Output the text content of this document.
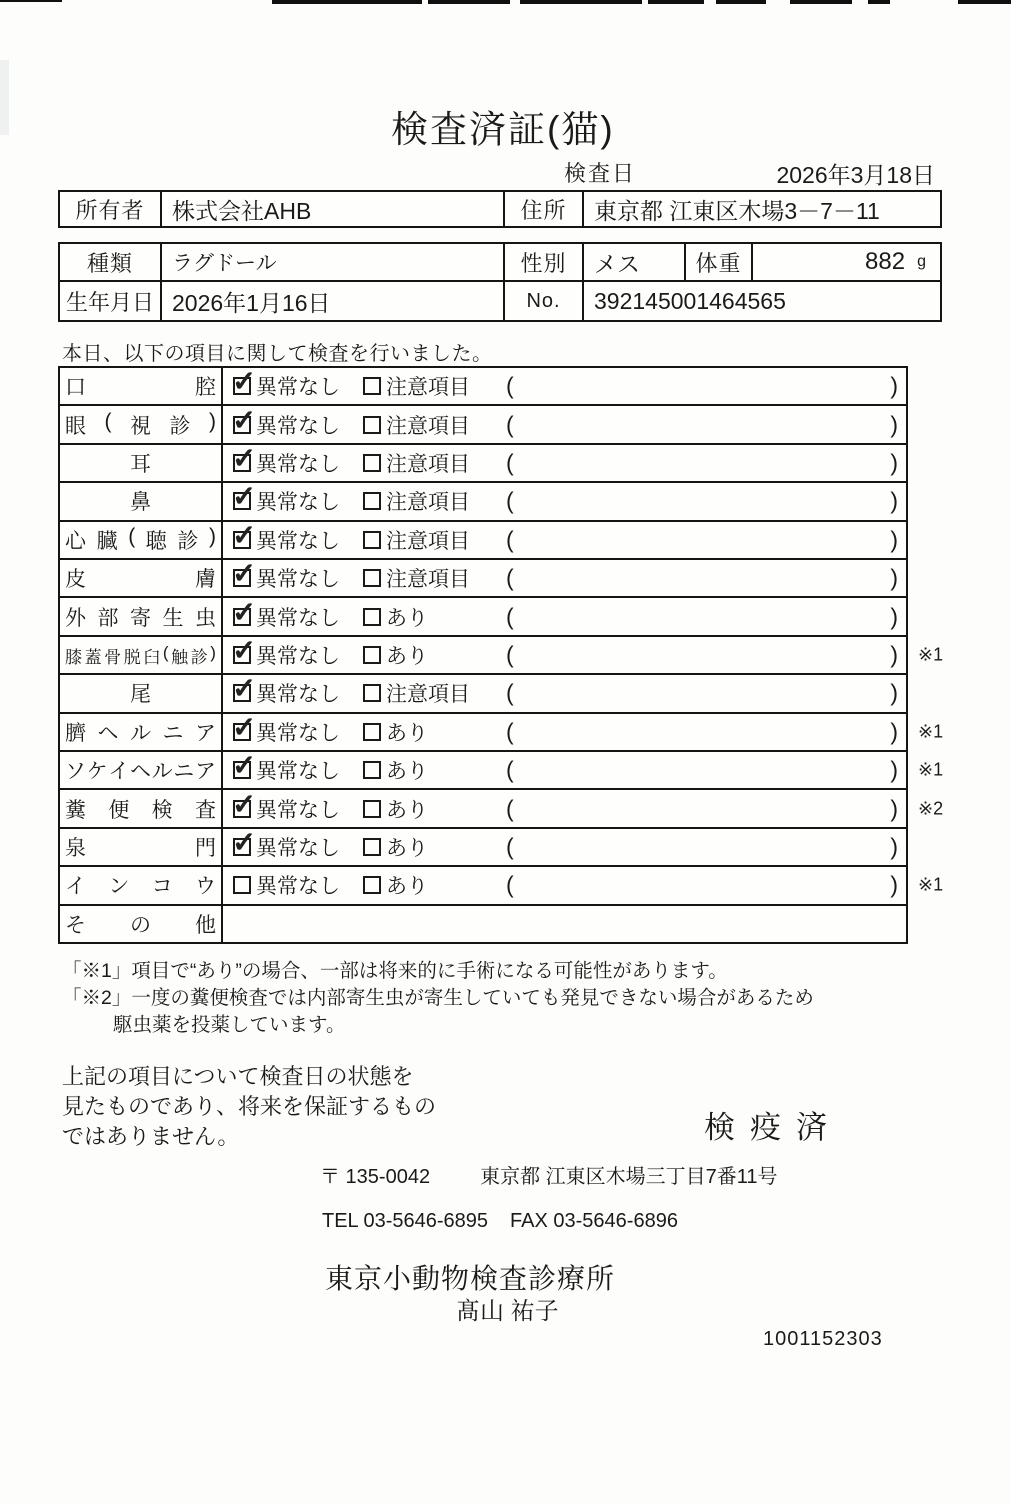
検査済証(猫)
検査日	2026年3月18日
所有者	株式会社AHB	住所	東京都 江東区木場3－7－11
種類	ラグドール	性別	メス	体重	882 g
生年月日 2026年1月16日	No.	392145001464565
本日、以下の項目に関して検査を行いました。
口	腔 ✓ 異常なし 注意項目 (	)
眼 ( 視 診 ) ✓ 異常なし 注意項目 (	)
耳 ✓	異常なし 注意項目 (	)
鼻 ✓	異常なし 注意項目 (	)
心 臓 ( 聴 診 ) ✓ 異常なし 注意項目 (	)
皮	膚 ✓ 異常なし 注意項目 (	)
外 部 寄 生 虫 ✓ 異常なし あり	(	)
膝 蓋 骨 脱 臼 ( 触 診 ) ✓ 異常なし あり	(	) ※1
尾 ✓	異常なし 注意項目 (	)
臍 ヘ ル ニ ア ✓ 異常なし あり	(	) ※1
ソ ケ イ ヘ ル ニ ア ✓ 異常なし あり	(	) ※1
糞 便 検 査 ✓ 異常なし あり	(	) ※2
泉	門 ✓ 異常なし あり	(	)
イ ン コ ウ 異常なし あり	(	) ※1
そ の 他
「※1」項目で“あり”の場合、一部は将来的に手術になる可能性があります。
「※2」一度の糞便検査では内部寄生虫が寄生していても発見できない場合があるため
駆虫薬を投薬しています。
上記の項目について検査日の状態を
見たものであり、将来を保証するもの
ではありません。	検疫済
〒 135-0042	東京都 江東区木場三丁目7番11号
TEL 03-5646-6895 FAX 03-5646-6896
東京小動物検査診療所
髙山 祐子
1001152303
